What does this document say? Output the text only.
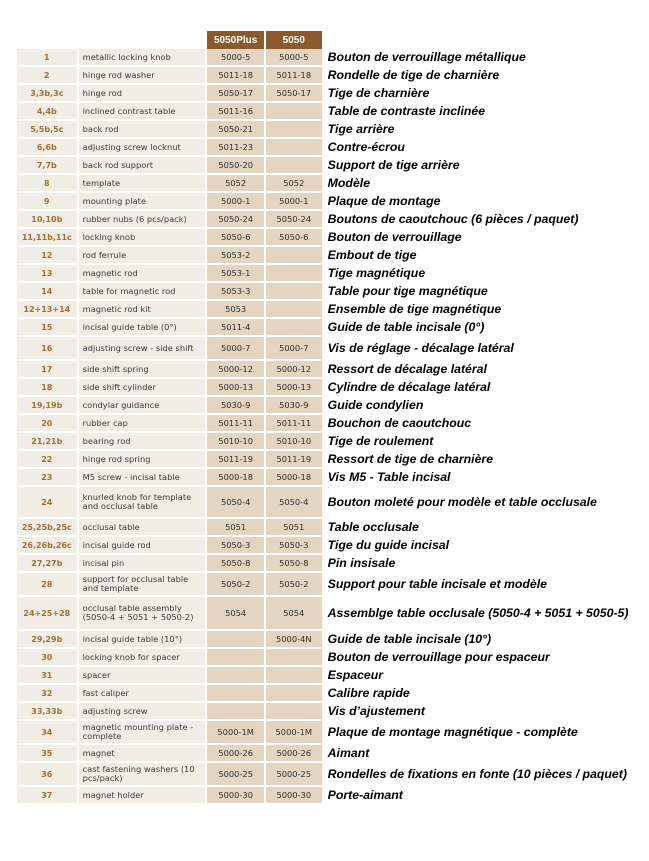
		5050Plus	5050	
1	metallic locking knob	5000-5	5000-5	Bouton de verrouillage métallique
2	hinge rod washer	5011-18	5011-18	Rondelle de tige de charnière
3,3b,3c	hinge rod	5050-17	5050-17	Tige de charnière
4,4b	inclined contrast table	5011-16		Table de contraste inclinée
5,5b,5c	back rod	5050-21		Tige arrière
6,6b	adjusting screw locknut	5011-23		Contre-écrou
7,7b	back rod support	5050-20		Support de tige arrière
8	template	5052	5052	Modèle
9	mounting plate	5000-1	5000-1	Plaque de montage
10,10b	rubber nubs (6 pcs/pack)	5050-24	5050-24	Boutons de caoutchouc (6 pièces / paquet)
11,11b,11c	locking knob	5050-6	5050-6	Bouton de verrouillage
12	rod ferrule	5053-2		Embout de tige
13	magnetic rod	5053-1		Tige magnétique
14	table for magnetic rod	5053-3		Table pour tige magnétique
12+13+14	magnetic rod kit	5053		Ensemble de tige magnétique
15	incisal guide table (0°)	5011-4		Guide de table incisale (0°)
16	adjusting screw - side shift	5000-7	5000-7	Vis de réglage - décalage latéral
17	side shift spring	5000-12	5000-12	Ressort de décalage latéral
18	side shift cylinder	5000-13	5000-13	Cylindre de décalage latéral
19,19b	condylar guidance	5030-9	5030-9	Guide condylien
20	rubber cap	5011-11	5011-11	Bouchon de caoutchouc
21,21b	bearing rod	5010-10	5010-10	Tige de roulement
22	hinge rod spring	5011-19	5011-19	Ressort de tige de charnière
23	M5 screw - incisal table	5000-18	5000-18	Vis M5 - Table incisal
24	knurled knob for template and occlusal table	5050-4	5050-4	Bouton moleté pour modèle et table occlusale
25,25b,25c	occlusal table	5051	5051	Table occlusale
26,26b,26c	incisal guide rod	5050-3	5050-3	Tige du guide incisal
27,27b	incisal pin	5050-8	5050-8	Pin insisale
28	support for occlusal table and template	5050-2	5050-2	Support pour table incisale et modèle
24+25+28	occlusal table assembly (5050-4 + 5051 + 5050-2)	5054	5054	Assemblge table occlusale (5050-4 + 5051 + 5050-5)
29,29b	incisal guide table (10°)		5000-4N	Guide de table incisale (10°)
30	locking knob for spacer			Bouton de verrouillage pour espaceur
31	spacer			Espaceur
32	fast caliper			Calibre rapide
33,33b	adjusting screw			Vis d’ajustement
34	magnetic mounting plate - complete	5000-1M	5000-1M	Plaque de montage magnétique - complète
35	magnet	5000-26	5000-26	Aimant
36	cast fastening washers (10 pcs/pack)	5000-25	5000-25	Rondelles de fixations en fonte (10 pièces / paquet)
37	magnet holder	5000-30	5000-30	Porte-aimant
